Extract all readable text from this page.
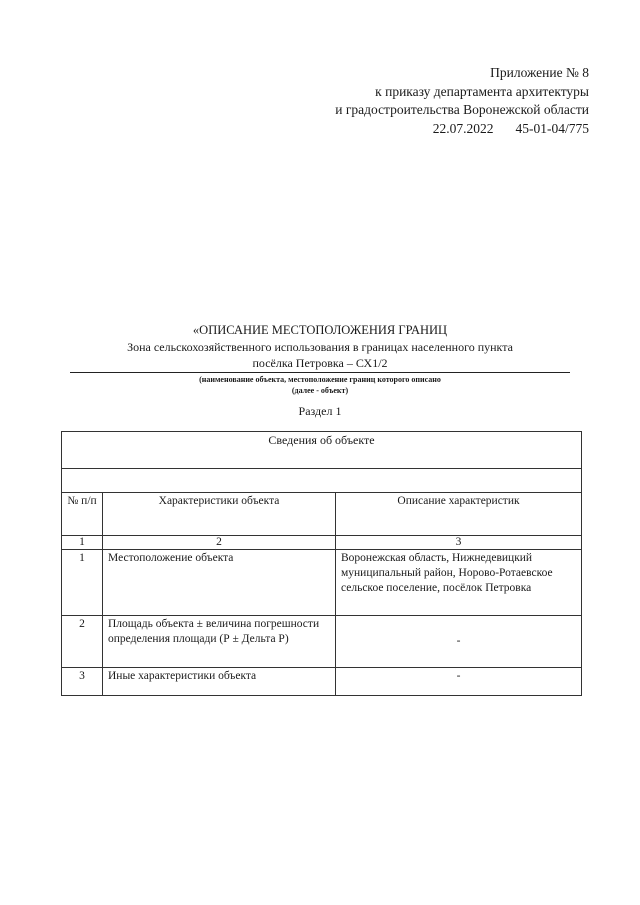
Приложение № 8
к приказу департамента архитектуры
и градостроительства Воронежской области
22.07.2022 45-01-04/775
«ОПИСАНИЕ МЕСТОПОЛОЖЕНИЯ ГРАНИЦ
Зона сельскохозяйственного использования в границах населенного пункта
посёлка Петровка – СХ1/2
(наименование объекта, местоположение границ которого описано
(далее - объект)
Раздел 1
Сведения об объекте		

№ п/п	Характеристики объекта	Описание характеристик
1	2	3
1	Местоположение объекта	Воронежская область, Нижнедевицкий муниципальный район, Норово-Ротаевское сельское поселение, посёлок Петровка
2	Площадь объекта ± величина погрешности определения площади (Р ± Дельта Р)	-
3	Иные характеристики объекта	-
